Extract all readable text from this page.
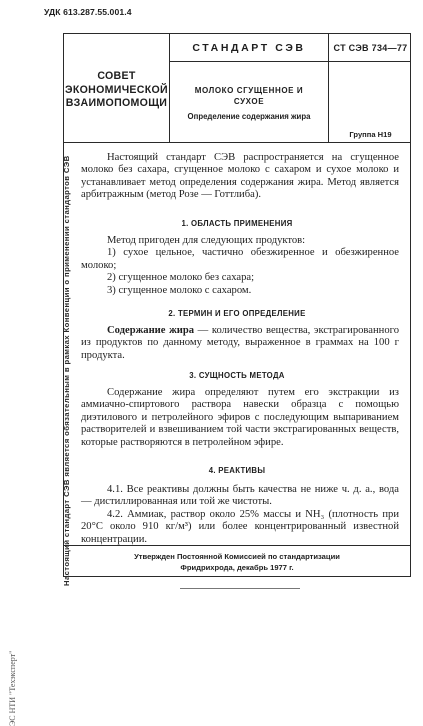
УДК 613.287.55.001.4
СОВЕТ
ЭКОНОМИЧЕСКОЙ
ВЗАИМОПОМОЩИ
СТАНДАРТ СЭВ	СТ СЭВ 734—77
МОЛОКО СГУЩЕННОЕ И
СУХОЕ
Определение содержания жира
Группа Н19
Настоящий стандарт СЭВ распространяется на сгущенное молоко без сахара, сгущенное молоко с сахаром и сухое молоко и устанавливает метод определения содержания жира. Метод является арбитражным (метод Розе — Готтлиба).
1. ОБЛАСТЬ ПРИМЕНЕНИЯ
Метод пригоден для следующих продуктов:
1) сухое цельное, частично обезжиренное и обезжиренное молоко;
2) сгущенное молоко без сахара;
3) сгущенное молоко с сахаром.
2. ТЕРМИН И ЕГО ОПРЕДЕЛЕНИЕ
Содержание жира — количество вещества, экстрагированного из продуктов по данному методу, выраженное в граммах на 100 г продукта.
3. СУЩНОСТЬ МЕТОДА
Содержание жира определяют путем его экстракции из аммиачно-спиртового раствора навески образца с помощью диэтилового и петролейного эфиров с последующим выпариванием растворителей и взвешиванием той части экстрагированных веществ, которые растворяются в петролейном эфире.
4. РЕАКТИВЫ
4.1. Все реактивы должны быть качества не ниже ч. д. а., вода — дистиллированная или той же чистоты.
4.2. Аммиак, раствор около 25% массы и NH₃ (плотность при 20°С около 910 кг/м³) или более концентрированный известной концентрации.
Утвержден Постоянной Комиссией по стандартизации
Фридрихрода, декабрь 1977 г.
Настоящий стандарт СЭВ является обязательным в рамках Конвенции о применении стандартов СЭВ
ЭС НТИ "Техэксперт"
